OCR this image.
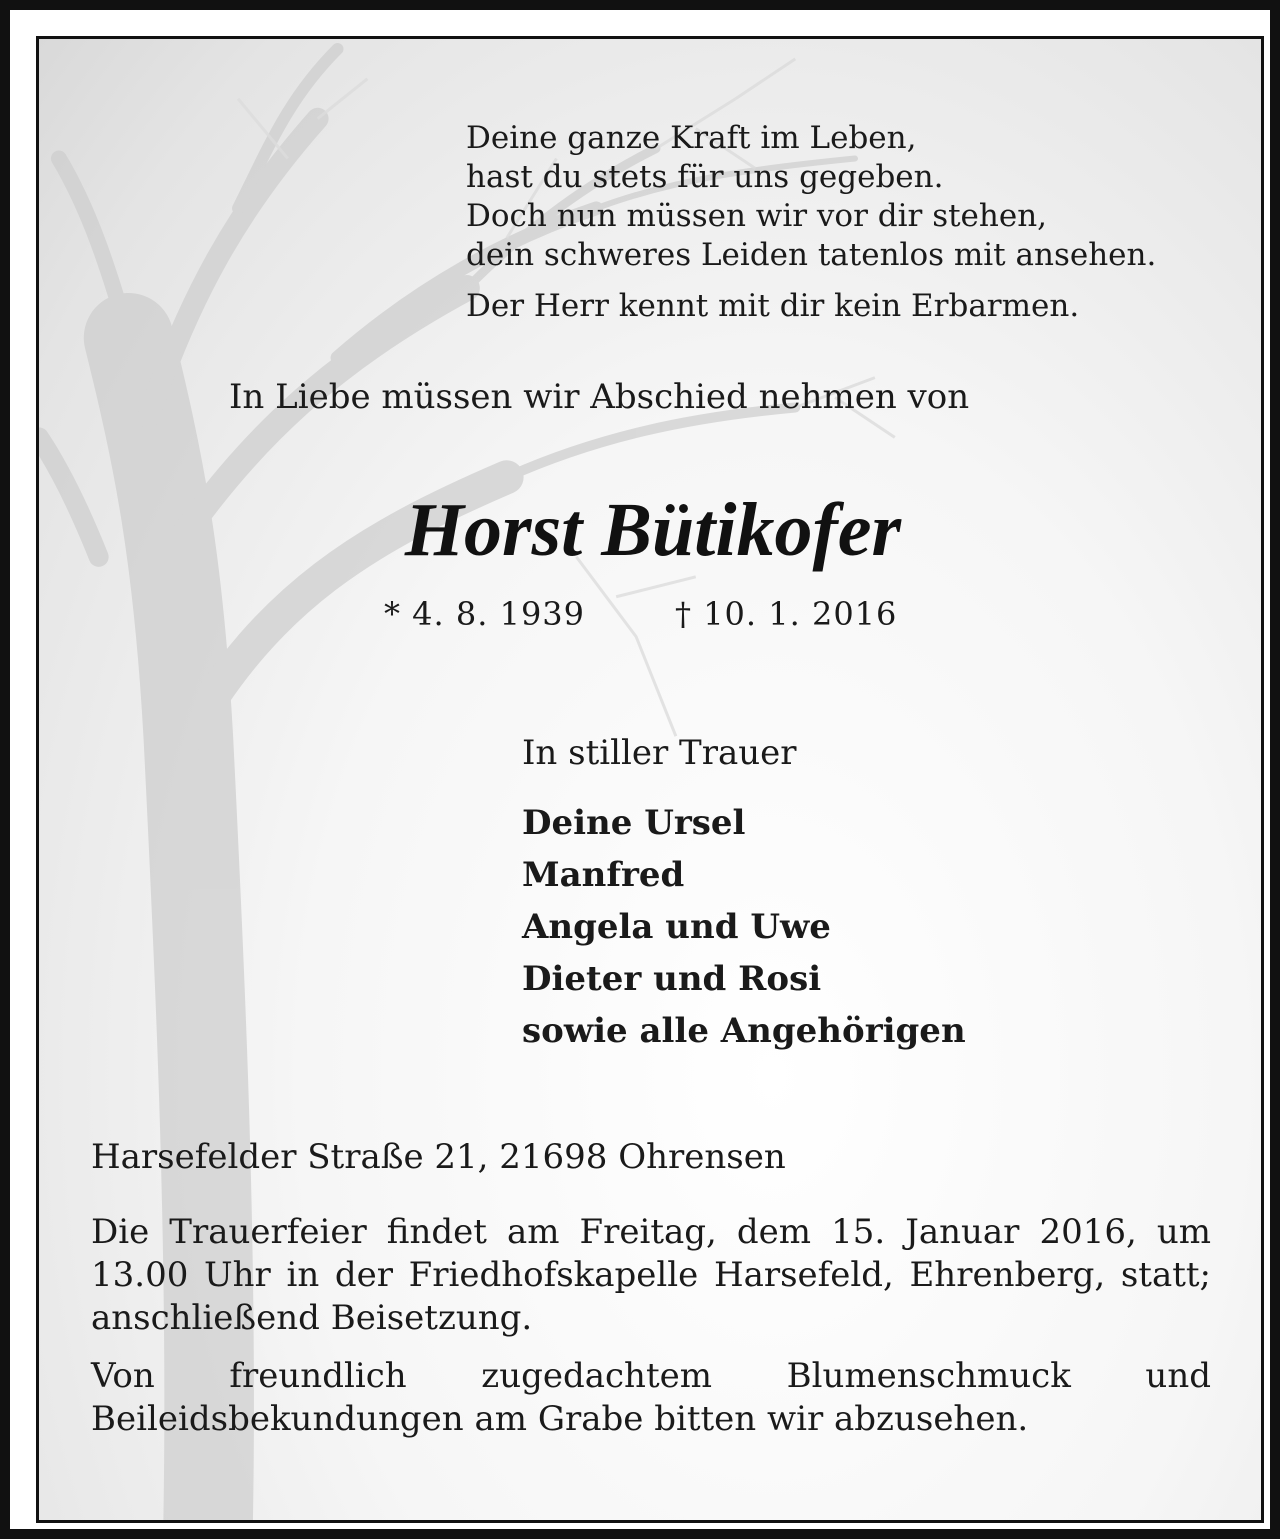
Deine ganze Kraft im Leben,
hast du stets für uns gegeben.
Doch nun müssen wir vor dir stehen,
dein schweres Leiden tatenlos mit ansehen.
Der Herr kennt mit dir kein Erbarmen.
In Liebe müssen wir Abschied nehmen von
Horst Bütikofer
* 4. 8. 1939	† 10. 1. 2016
In stiller Trauer
Deine Ursel
Manfred
Angela und Uwe
Dieter und Rosi
sowie alle Angehörigen
Harsefelder Straße 21, 21698 Ohrensen
Die Trauerfeier findet am Freitag, dem 15. Januar 2016, um 13.00 Uhr in der Friedhofskapelle Harsefeld, Ehrenberg, statt; anschließend Beisetzung.
Von freundlich zugedachtem Blumenschmuck und Beileidsbekundungen am Grabe bitten wir abzusehen.
